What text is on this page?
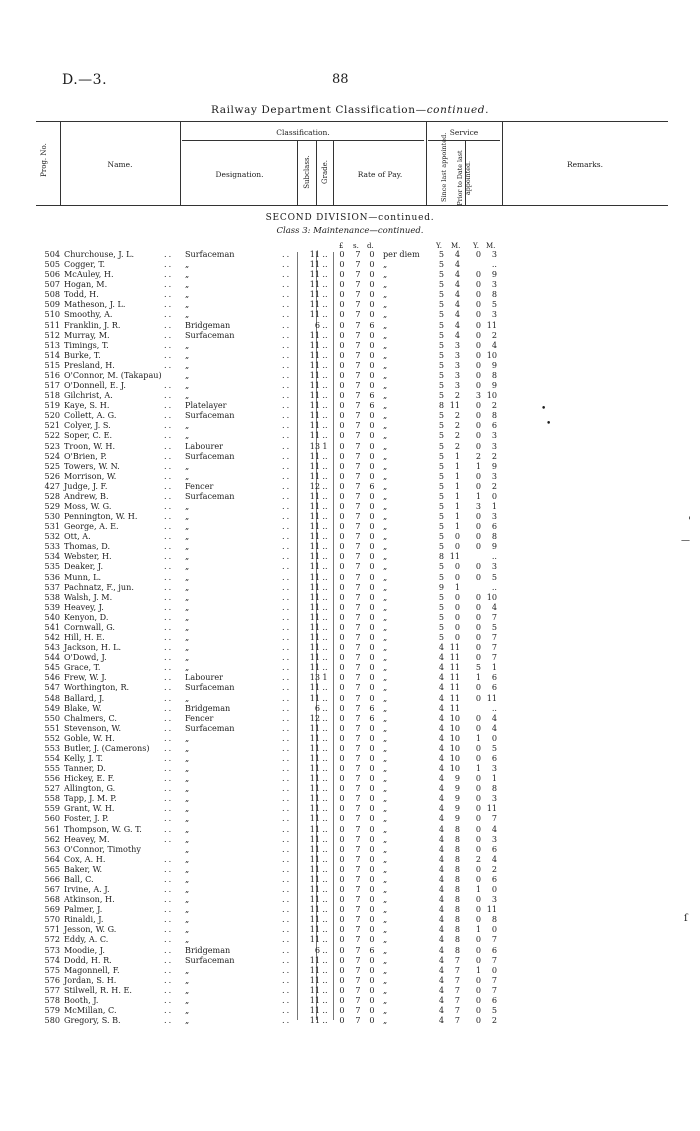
D.—3.	88
Railway Department Classification—continued.
Prog. No.	Name.
Classification.	Service
Designation.	Subclass. Grade.	Rate of Pay.	Since last appointed. Prior to Date last appointed.	Remarks.
SECOND DIVISION—continued.
Class 3: Maintenance—continued.
£ s. d.	Y. M. Y. M.
504 Churchouse, J. L.	.. Surfaceman	..	11 ..	0 7 0 per diem	5	4	0	3
505 Cogger, T.	.. „	..	11 ..	0 7 0 „	5	4	..
506 McAuley, H.	.. „	..	11 ..	0 7 0 „	5	4	0	9
507 Hogan, M.	.. „	..	11 ..	0 7 0 „	5	4	0	3
508 Todd, H.	.. „	..	11 ..	0 7 0 „	5	4	0	8
509 Matheson, J. L.	.. „	..	11 ..	0 7 0 „	5	4	0	5
510 Smoothy, A.	.. „	..	11 ..	0 7 0 „	5	4	0	3
511 Franklin, J. R.	.. Bridgeman	..	6 ..	0 7 6 „	5	4	0 11
512 Murray, M.	.. Surfaceman	..	11 ..	0 7 0 „	5	4	0	2
513 Timings, T.	.. „	..	11 ..	0 7 0 „	5	3	0	4
514 Burke, T.	.. „	..	11 ..	0 7 0 „	5	3	0 10
515 Presland, H.	.. „	..	11 ..	0 7 0 „	5	3	0	9
516 O'Connor, M. (Takapau)	„	..	11 ..	0 7 0 „	5	3	0	8
517 O'Donnell, E. J.	.. „	..	11 ..	0 7 0 „	5	3	0	9
518 Gilchrist, A.	.. „	..	11 ..	0 7 6 „	5	2	3 10
519 Kaye, S. H.	.. Platelayer	..	11 ..	0 7 6 „	8 11	0	2
520 Collett, A. G.	.. Surfaceman	..	11 ..	0 7 0 „	5	2	0	8
521 Colyer, J. S.	.. „	..	11 ..	0 7 0 „	5	2	0	6
522 Soper, C. E.	.. „	..	11 ..	0 7 0 „	5	2	0	3
523 Troon, W. H.	.. Labourer	..	13 1	0 7 0 „	5	2	0	3
524 O'Brien, P.	.. Surfaceman	..	11 ..	0 7 0 „	5	1	2	2
525 Towers, W. N.	.. „	..	11 ..	0 7 0 „	5	1	1	9
526 Morrison, W.	.. „	..	11 ..	0 7 0 „	5	1	0	3
427 Judge, J. F.	.. Fencer	..	12 ..	0 7 6 „	5	1	0	2
528 Andrew, B.	.. Surfaceman	..	11 ..	0 7 0 „	5	1	1	0
529 Moss, W. G.	.. „	..	11 ..	0 7 0 „	5	1	3	1
530 Pennington, W. H.	.. „	..	11 ..	0 7 0 „	5	1	0	3
531 George, A. E.	.. „	..	11 ..	0 7 0 „	5	1	0	6
532 Ott, A.	.. „	..	11 ..	0 7 0 „	5	0	0	8
533 Thomas, D.	.. „	..	11 ..	0 7 0 „	5	0	0	9
534 Webster, H.	.. „	..	11 ..	0 7 0 „	8 11	..
535 Deaker, J.	.. „	..	11 ..	0 7 0 „	5	0	0	3
536 Munn, L.	.. „	..	11 ..	0 7 0 „	5	0	0	5
537 Pachnatz, F., jun.	.. „	..	11 ..	0 7 0 „	9	1	..
538 Walsh, J. M.	.. „	..	11 ..	0 7 0 „	5	0	0 10
539 Heavey, J.	.. „	..	11 ..	0 7 0 „	5	0	0	4
540 Kenyon, D.	.. „	..	11 ..	0 7 0 „	5	0	0	7
541 Cornwall, G.	.. „	..	11 ..	0 7 0 „	5	0	0	5
542 Hill, H. E.	.. „	..	11 ..	0 7 0 „	5	0	0	7
543 Jackson, H. L.	.. „	..	11 ..	0 7 0 „	4 11	0	7
544 O'Dowd, J.	.. „	..	11 ..	0 7 0 „	4 11	0	7
545 Grace, T.	.. „	..	11 ..	0 7 0 „	4 11	5	1
546 Frew, W. J.	.. Labourer	..	13 1	0 7 0 „	4 11	1	6
547 Worthington, R.	.. Surfaceman	..	11 ..	0 7 0 „	4 11	0	6
548 Ballard, J.	.. „	..	11 ..	0 7 0 „	4 11	0 11
549 Blake, W.	.. Bridgeman	..	6 ..	0 7 6 „	4 11	..
550 Chalmers, C.	.. Fencer	..	12 ..	0 7 6 „	4 10	0	4
551 Stevenson, W.	.. Surfaceman	..	11 ..	0 7 0 „	4 10	0	4
552 Goble, W. H.	.. „	..	11 ..	0 7 0 „	4 10	1	0
553 Butler, J. (Camerons) .. „	..	11 ..	0 7 0 „	4 10	0	5
554 Kelly, J. T.	.. „	..	11 ..	0 7 0 „	4 10	0	6
555 Tanner, D.	.. „	..	11 ..	0 7 0 „	4 10	1	3
556 Hickey, E. F.	.. „	..	11 ..	0 7 0 „	4	9	0	1
527 Allington, G.	.. „	..	11 ..	0 7 0 „	4	9	0	8
558 Tapp, J. M. P.	.. „	..	11 ..	0 7 0 „	4	9	0	3
559 Grant, W. H.	.. „	..	11 ..	0 7 0 „	4	9	0 11
560 Foster, J. P.	.. „	..	11 ..	0 7 0 „	4	9	0	7
561 Thompson, W. G. T.	.. „	..	11 ..	0 7 0 „	4	8	0	4
562 Heavey, M.	.. „	..	11 ..	0 7 0 „	4	8	0	3
563 O'Connor, Timothy	„	..	11 ..	0 7 0 „	4	8	0	6
564 Cox, A. H.	.. „	..	11 ..	0 7 0 „	4	8	2	4
565 Baker, W.	.. „	..	11 ..	0 7 0 „	4	8	0	2
566 Ball, C.	.. „	..	11 ..	0 7 0 „	4	8	0	6
567 Irvine, A. J.	.. „	..	11 ..	0 7 0 „	4	8	1	0
568 Atkinson, H.	.. „	..	11 ..	0 7 0 „	4	8	0	3
569 Palmer, J.	.. „	..	11 ..	0 7 0 „	4	8	0 11
570 Rinaldi, J.	.. „	..	11 ..	0 7 0 „	4	8	0	8
571 Jesson, W. G.	.. „	..	11 ..	0 7 0 „	4	8	1	0
572 Eddy, A. C.	.. „	..	11 ..	0 7 0 „	4	8	0	7
573 Moodie, J.	.. Bridgeman	..	6 ..	0 7 6 „	4	8	0	6
574 Dodd, H. R.	.. Surfaceman	..	11 ..	0 7 0 „	4	7	0	7
575 Magonnell, F.	.. „	..	11 ..	0 7 0 „	4	7	1	0
576 Jordan, S. H.	.. „	..	11 ..	0 7 0 „	4	7	0	7
577 Stilwell, R. H. E.	.. „	..	11 ..	0 7 0 „	4	7	0	7
578 Booth, J.	.. „	..	11 ..	0 7 0 „	4	7	0	6
579 McMillan, C.	.. „	..	11 ..	0 7 0 „	4	7	0	5
580 Gregory, S. B.	.. „	..	11 ..	0 7 0 „	4	7	0	2
•
•
—
'
ſ
